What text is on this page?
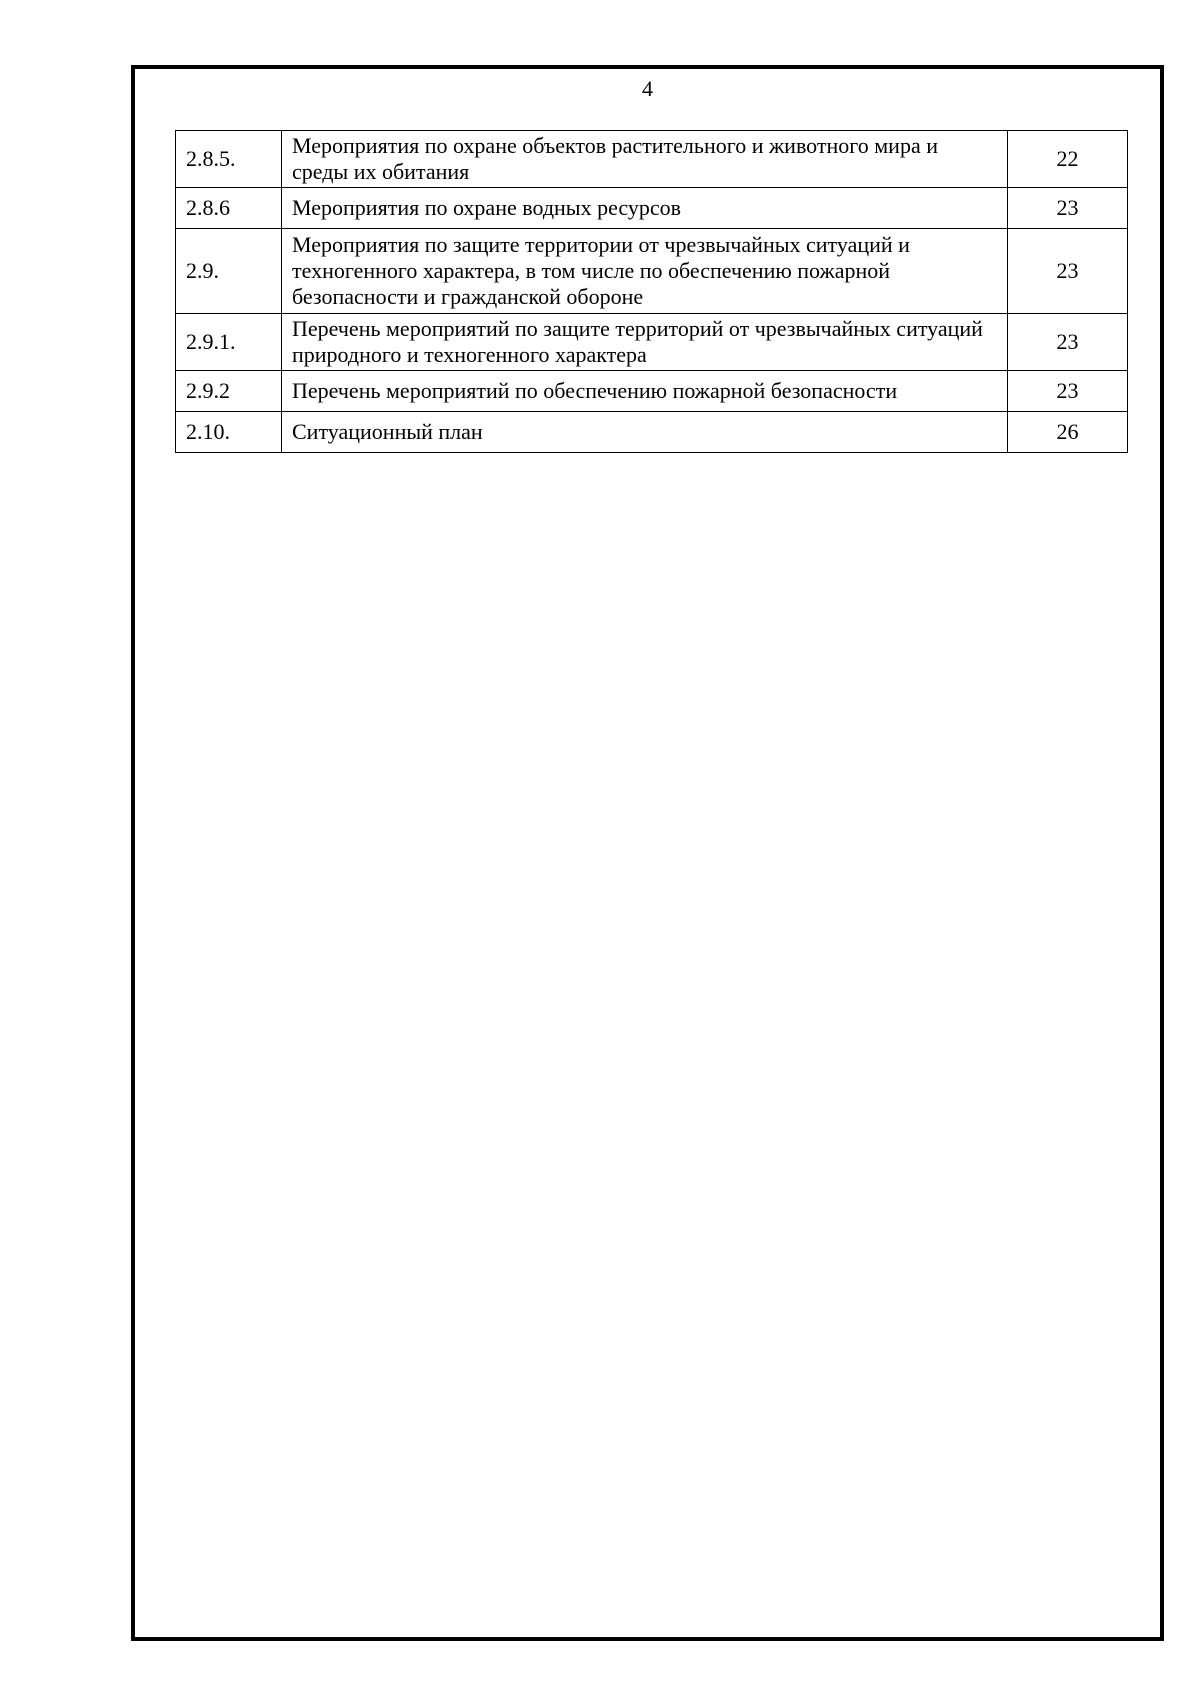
4
2.8.5.	Мероприятия по охране объектов растительного и животного мира и среды их обитания	22
2.8.6	Мероприятия по охране водных ресурсов	23
2.9.	Мероприятия по защите территории от чрезвычайных ситуаций и техногенного характера, в том числе по обеспечению пожарной безопасности и гражданской обороне	23
2.9.1.	Перечень мероприятий по защите территорий от чрезвычайных ситуаций природного и техногенного характера	23
2.9.2	Перечень мероприятий по обеспечению пожарной безопасности	23
2.10.	Ситуационный план	26
